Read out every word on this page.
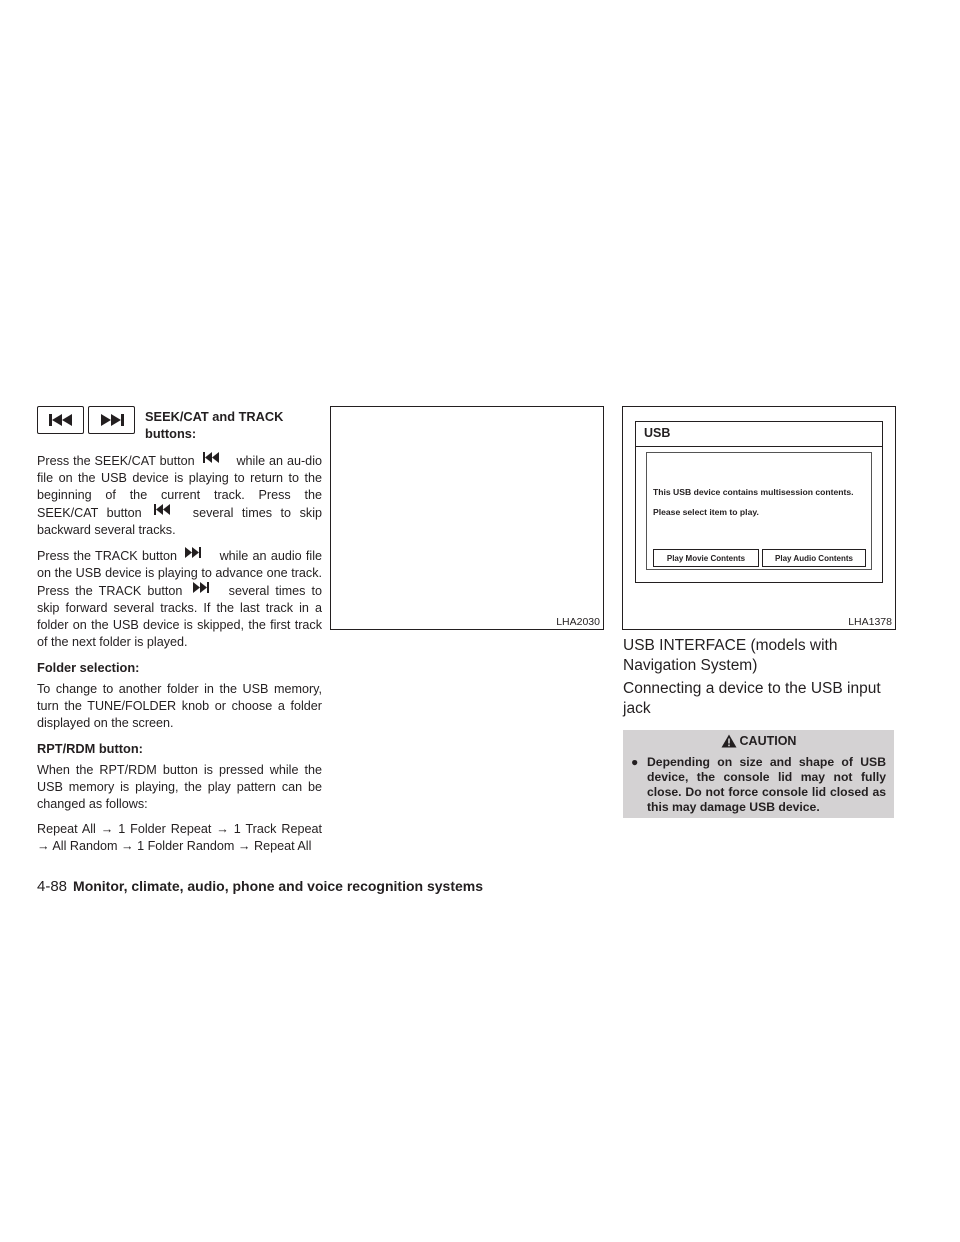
SEEK/CAT and TRACK
buttons:

Press the SEEK/CAT button	while an au-dio file on the USB device is playing to return to the beginning of the current track. Press the SEEK/CAT button	several times to skip backward several tracks.

Press the TRACK button	while an audio file on the USB device is playing to advance one track. Press the TRACK button	several times to skip forward several tracks. If the last track in a folder on the USB device is skipped, the first track of the next folder is played.

Folder selection:

To change to another folder in the USB memory, turn the TUNE/FOLDER knob or choose a folder displayed on the screen.

RPT/RDM button:

When the RPT/RDM button is pressed while the USB memory is playing, the play pattern can be changed as follows:

Repeat All → 1 Folder Repeat → 1 Track Repeat → All Random → 1 Folder Random → Repeat All

LHA2030
USB
This USB device contains multisession contents.
Please select item to play.
Play Movie Contents	Play Audio Contents
LHA1378
USB INTERFACE (models with Navigation System)
Connecting a device to the USB input jack
CAUTION
● Depending on size and shape of USB device, the console lid may not fully close. Do not force console lid closed as this may damage USB device.
4-88 Monitor, climate, audio, phone and voice recognition systems
